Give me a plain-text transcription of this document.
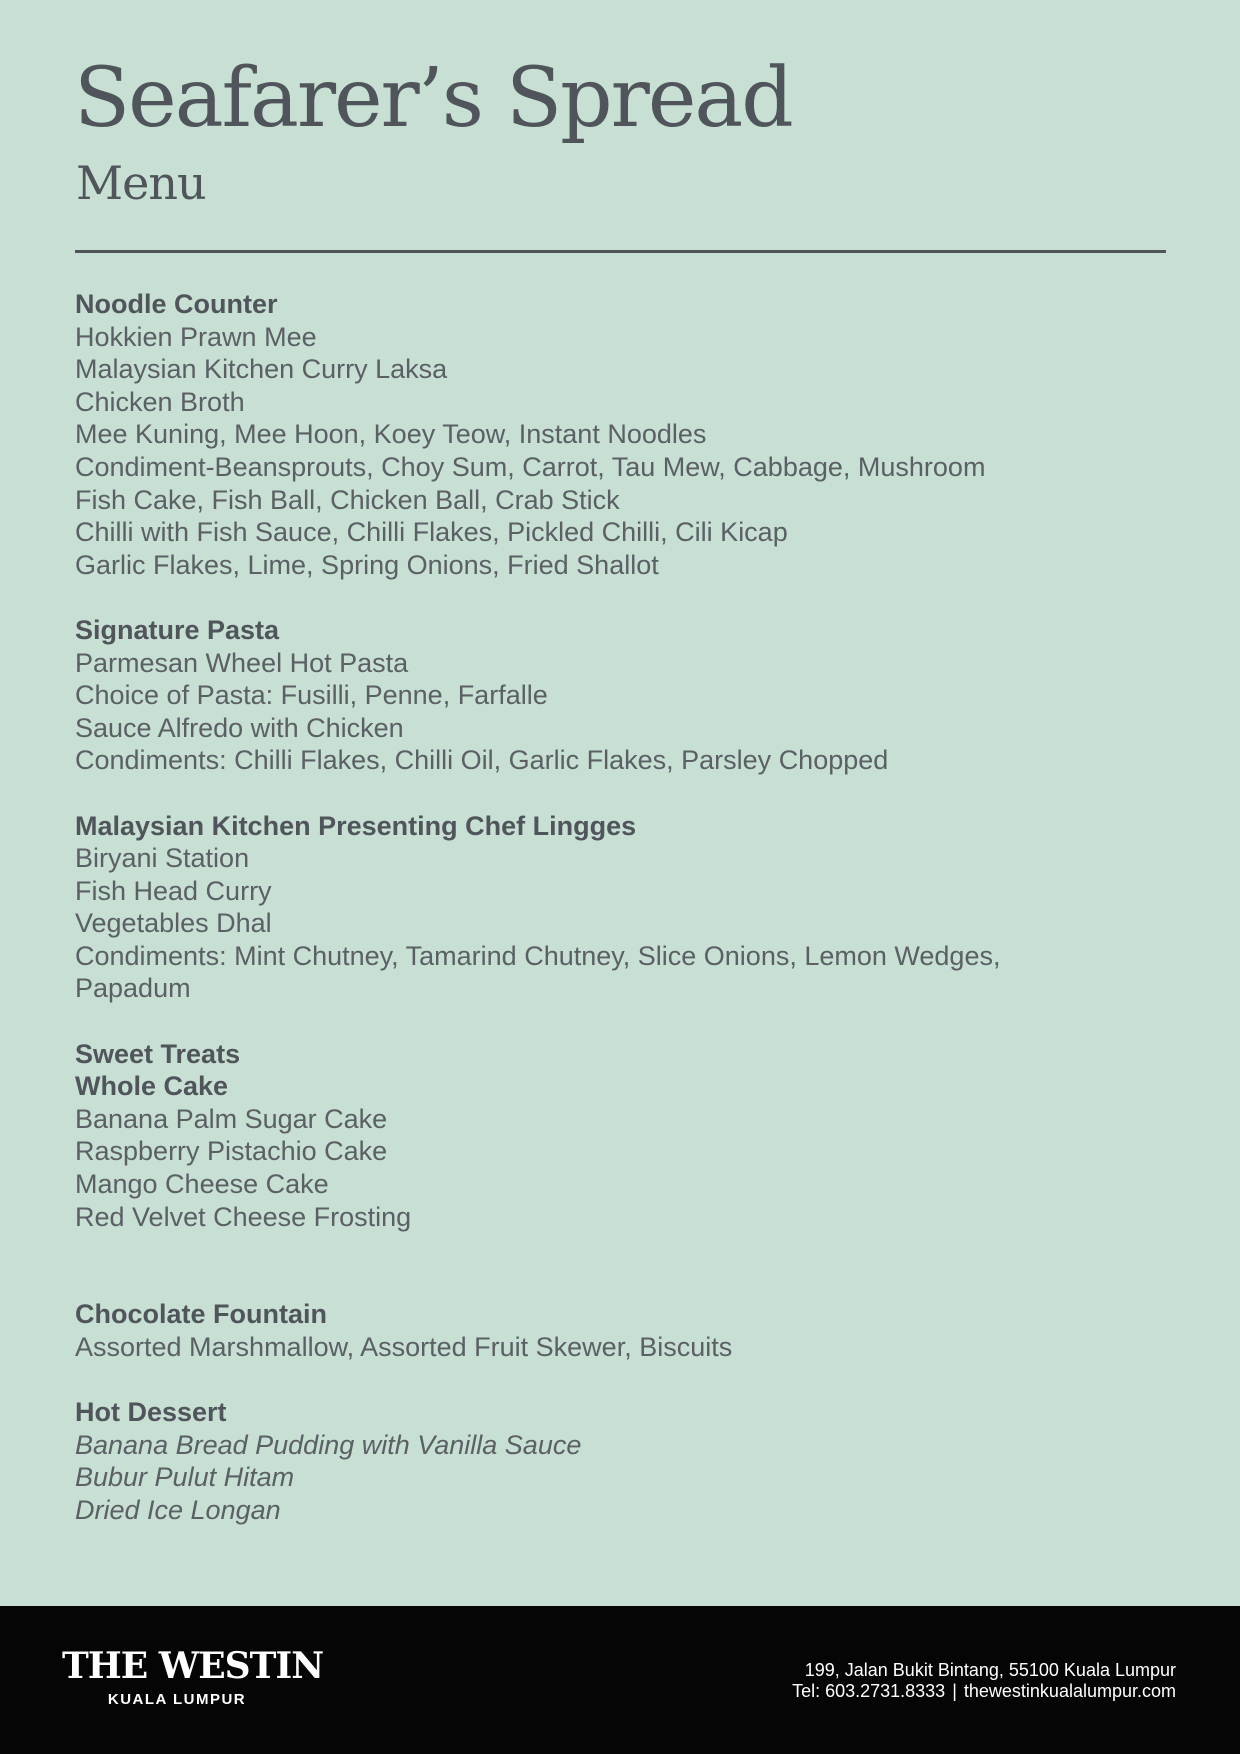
Seafarer’s Spread
Menu

Noodle Counter

Hokkien Prawn Mee

Malaysian Kitchen Curry Laksa

Chicken Broth

Mee Kuning, Mee Hoon, Koey Teow, Instant Noodles

Condiment-Beansprouts, Choy Sum, Carrot, Tau Mew, Cabbage, Mushroom

Fish Cake, Fish Ball, Chicken Ball, Crab Stick

Chilli with Fish Sauce, Chilli Flakes, Pickled Chilli, Cili Kicap

Garlic Flakes, Lime, Spring Onions, Fried Shallot

Signature Pasta

Parmesan Wheel Hot Pasta

Choice of Pasta: Fusilli, Penne, Farfalle

Sauce Alfredo with Chicken

Condiments: Chilli Flakes, Chilli Oil, Garlic Flakes, Parsley Chopped

Malaysian Kitchen Presenting Chef Lingges

Biryani Station

Fish Head Curry

Vegetables Dhal

Condiments: Mint Chutney, Tamarind Chutney, Slice Onions, Lemon Wedges,

Papadum

Sweet Treats

Whole Cake

Banana Palm Sugar Cake

Raspberry Pistachio Cake

Mango Cheese Cake

Red Velvet Cheese Frosting

Chocolate Fountain

Assorted Marshmallow, Assorted Fruit Skewer, Biscuits

Hot Dessert

Banana Bread Pudding with Vanilla Sauce

Bubur Pulut Hitam

Dried Ice Longan

THE WESTIN
KUALA LUMPUR
199, Jalan Bukit Bintang, 55100 Kuala Lumpur
Tel: 603.2731.8333 | thewestinkualalumpur.com
